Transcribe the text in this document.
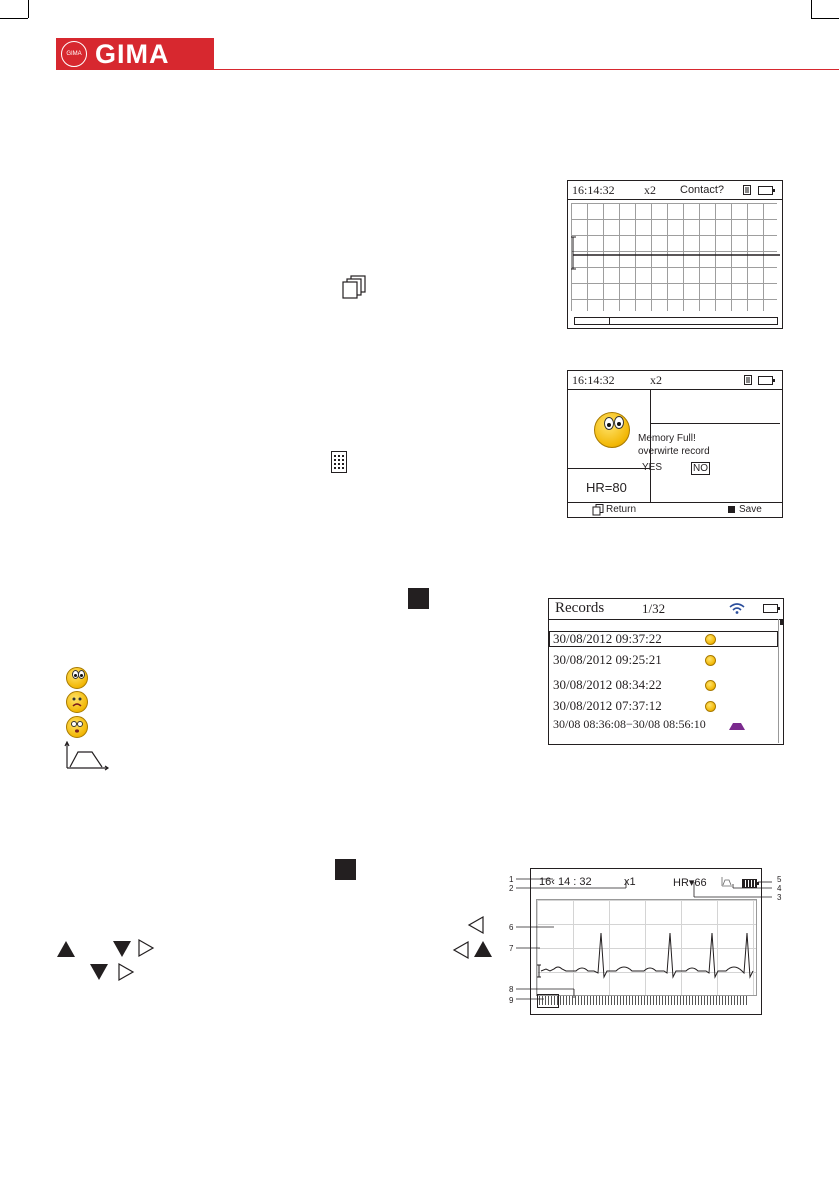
GIMA GIMA
16:14:32 x2 Contact?
16:14:32	x2
Memory Full!
overwirte record
YES	NO
HR=80
Return	Save
Records	1/32
30/08/2012 09:37:22
30/08/2012 09:25:21
30/08/2012 08:34:22
30/08/2012 07:37:12
30/08 08:36:08−30/08 08:56:10
16‹ 14 : 32	x1	HR▾66
1
2
3
4
5
6
7
8
9
